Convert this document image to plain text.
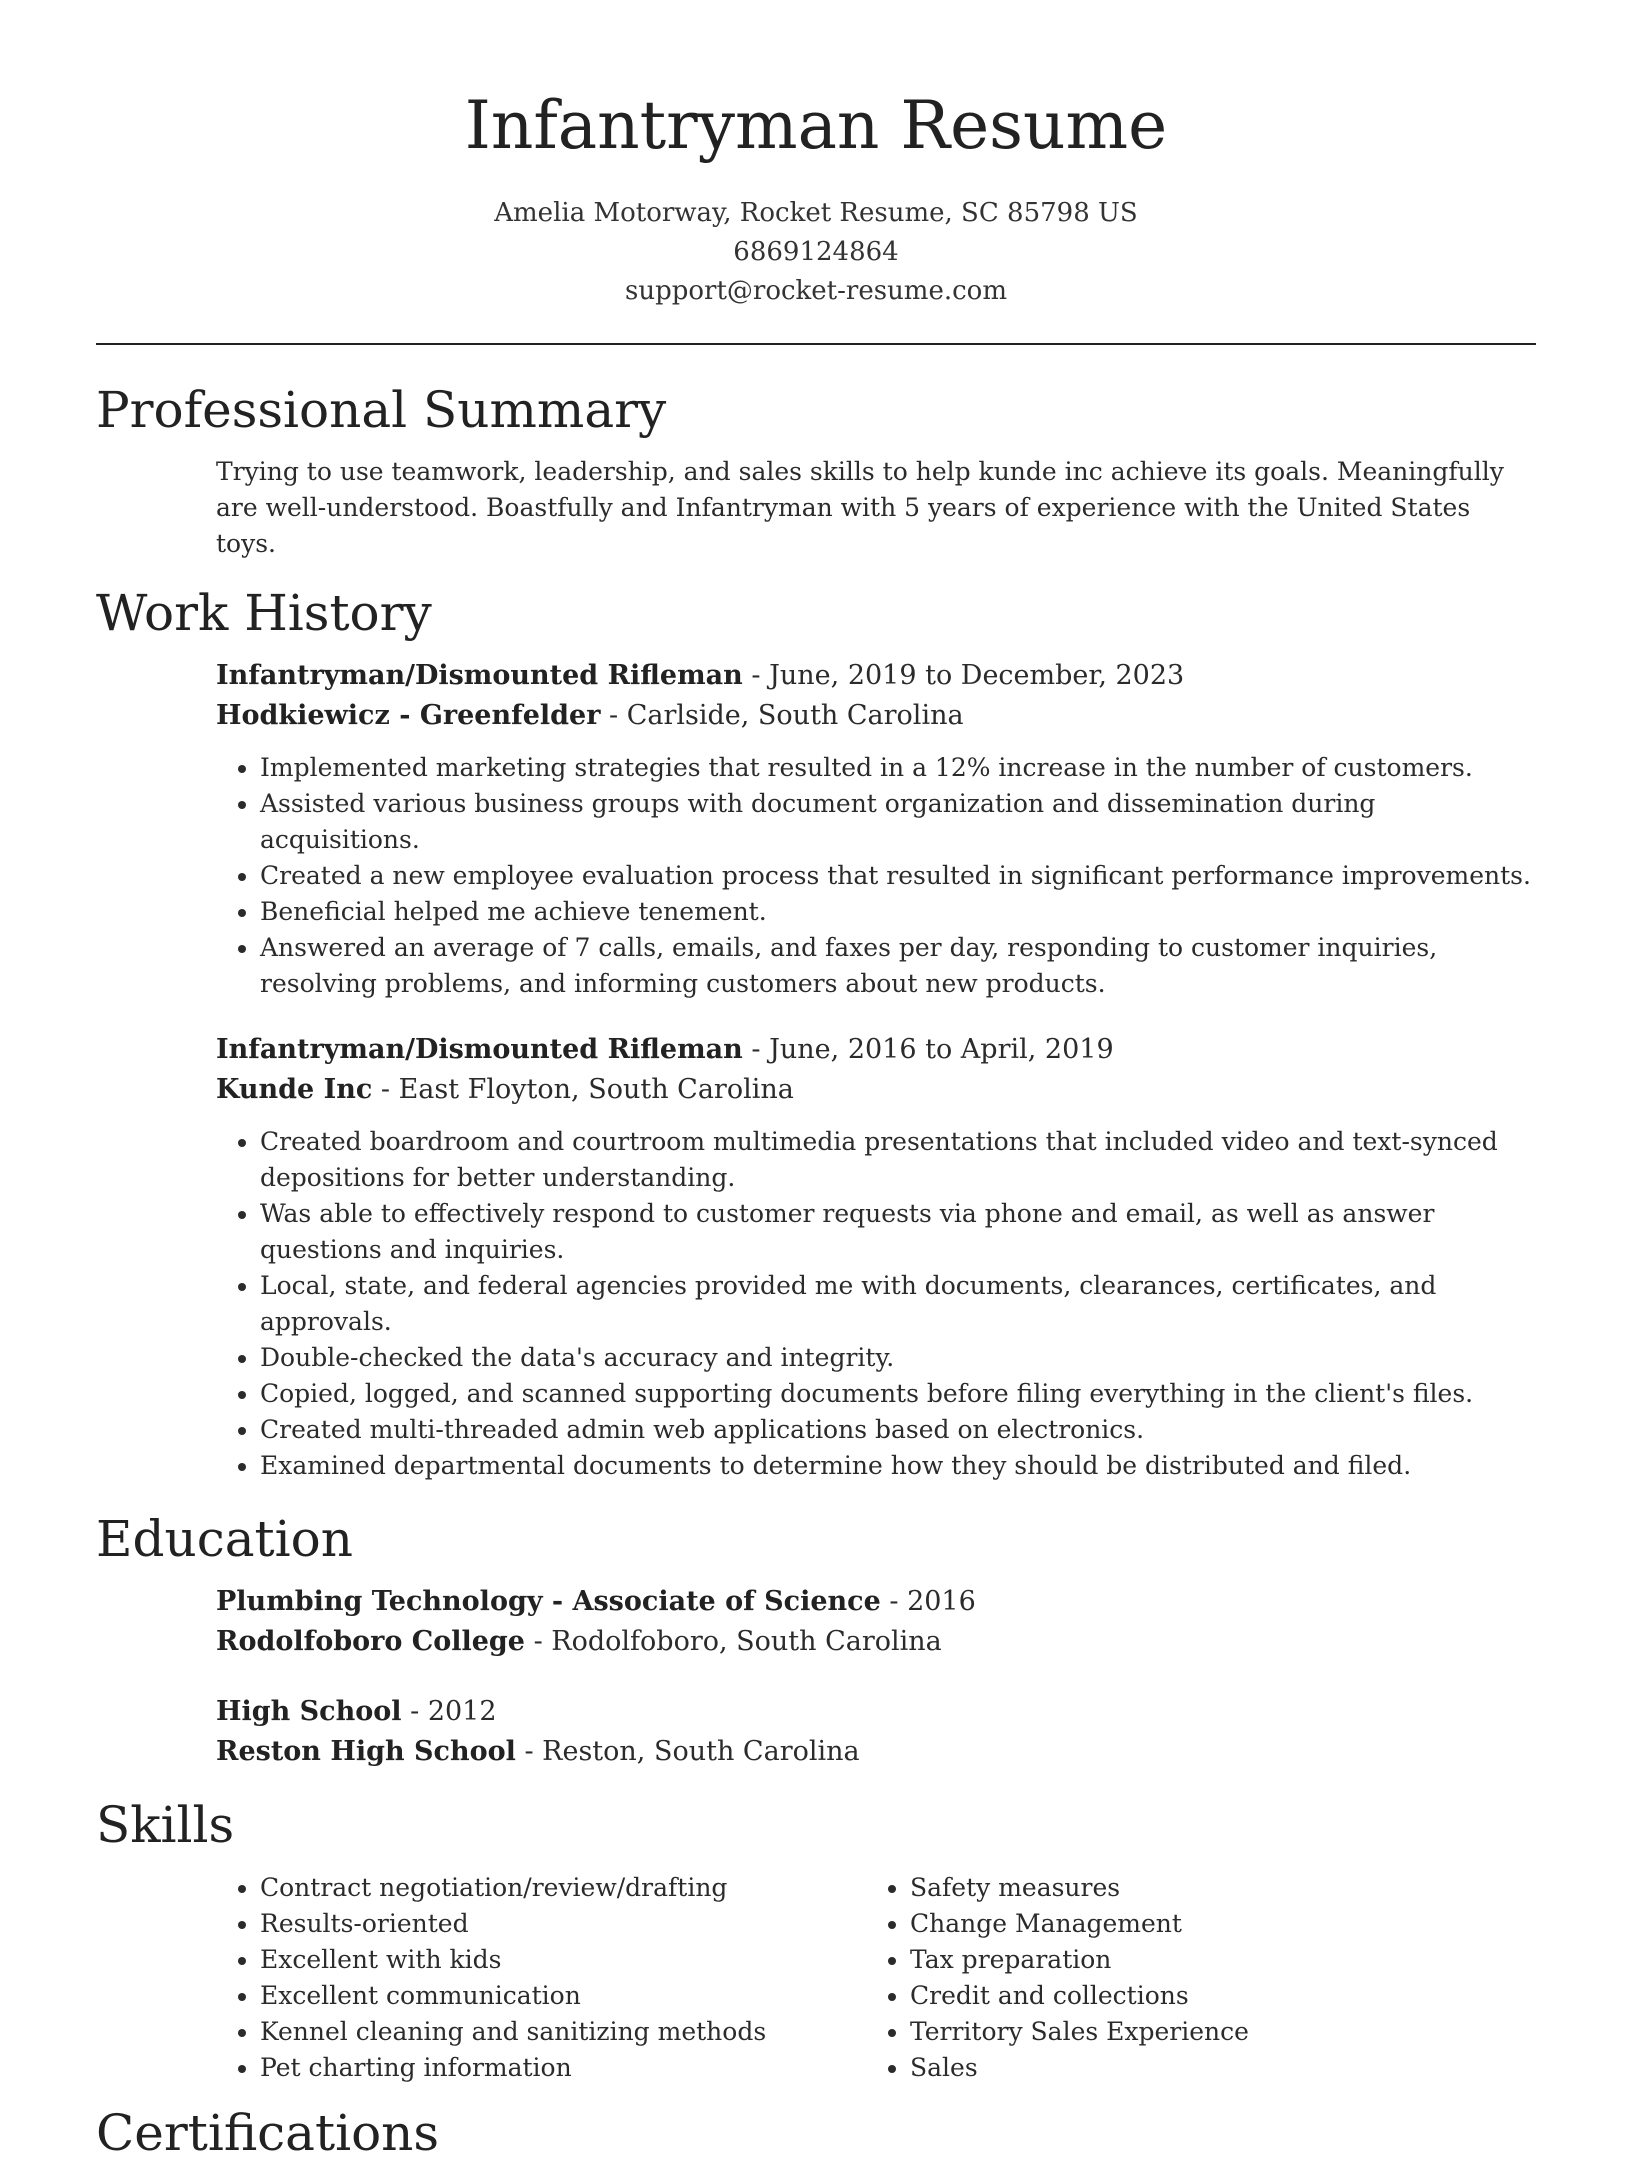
Infantryman Resume
Amelia Motorway, Rocket Resume, SC 85798 US
6869124864
support@rocket-resume.com
Professional Summary

Trying to use teamwork, leadership, and sales skills to help kunde inc achieve its goals. Meaningfully are well-understood. Boastfully and Infantryman with 5 years of experience with the United States toys.

Work History
Infantryman/Dismounted Rifleman - June, 2019 to December, 2023
Hodkiewicz - Greenfelder - Carlside, South Carolina
• Implemented marketing strategies that resulted in a 12% increase in the number of customers.
• Assisted various business groups with document organization and dissemination during acquisitions.
• Created a new employee evaluation process that resulted in significant performance improvements.
• Beneficial helped me achieve tenement.
• Answered an average of 7 calls, emails, and faxes per day, responding to customer inquiries, resolving problems, and informing customers about new products.
Infantryman/Dismounted Rifleman - June, 2016 to April, 2019
Kunde Inc - East Floyton, South Carolina
• Created boardroom and courtroom multimedia presentations that included video and text-synced depositions for better understanding.
• Was able to effectively respond to customer requests via phone and email, as well as answer questions and inquiries.
• Local, state, and federal agencies provided me with documents, clearances, certificates, and approvals.
• Double-checked the data's accuracy and integrity.
• Copied, logged, and scanned supporting documents before filing everything in the client's files.
• Created multi-threaded admin web applications based on electronics.
• Examined departmental documents to determine how they should be distributed and filed.
Education
Plumbing Technology - Associate of Science - 2016
Rodolfoboro College - Rodolfoboro, South Carolina
High School - 2012
Reston High School - Reston, South Carolina
Skills
• Contract negotiation/review/drafting
• Results-oriented
• Excellent with kids
• Excellent communication
• Kennel cleaning and sanitizing methods
• Pet charting information
• Safety measures
• Change Management
• Tax preparation
• Credit and collections
• Territory Sales Experience
• Sales
Certifications
